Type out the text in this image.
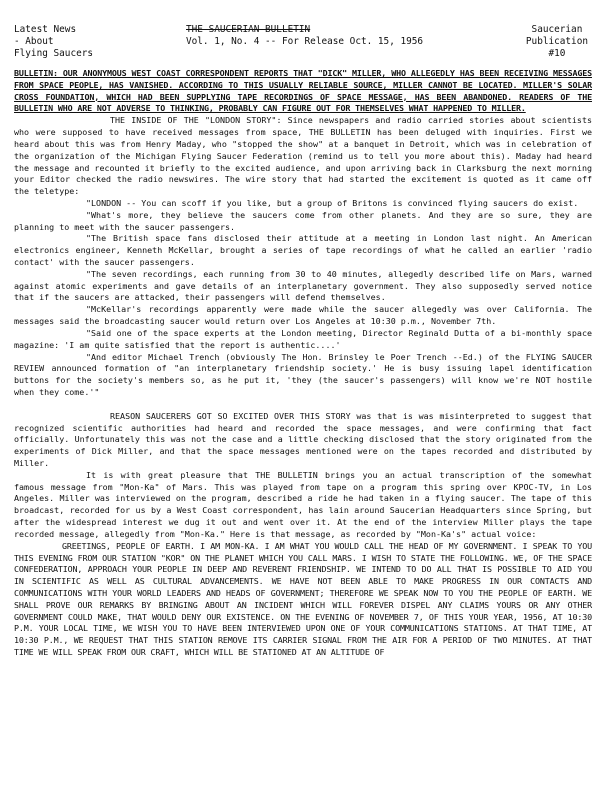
Latest News
- About
Flying Saucers
THE SAUCERIAN BULLETIN
Vol. 1, No. 4 -- For Release Oct. 15, 1956
Saucerian
Publication
#10

BULLETIN: OUR ANONYMOUS WEST COAST CORRESPONDENT REPORTS THAT "DICK" MILLER, WHO ALLEGEDLY HAS BEEN RECEIVING MESSAGES FROM SPACE PEOPLE, HAS VANISHED. ACCORDING TO THIS USUALLY RELIABLE SOURCE, MILLER CANNOT BE LOCATED. MILLER'S SOLAR CROSS FOUNDATION, WHICH HAD BEEN SUPPLYING TAPE RECORDINGS OF SPACE MESSAGE, HAS BEEN ABANDONED. READERS OF THE BULLETIN WHO ARE NOT ADVERSE TO THINKING, PROBABLY CAN FIGURE OUT FOR THEMSELVES WHAT HAPPENED TO MILLER.

THE INSIDE OF THE "LONDON STORY": Since newspapers and radio carried stories about scientists who were supposed to have received messages from space, THE BULLETIN has been deluged with inquiries. First we heard about this was from Henry Maday, who "stopped the show" at a banquet in Detroit, which was in celebration of the organization of the Michigan Flying Saucer Federation (remind us to tell you more about this). Maday had heard the message and recounted it briefly to the excited audience, and upon arriving back in Clarksburg the next morning your Editor checked the radio newswires. The wire story that had started the excitement is quoted as it came off the teletype:

"LONDON -- You can scoff if you like, but a group of Britons is convinced flying saucers do exist.

"What's more, they believe the saucers come from other planets. And they are so sure, they are planning to meet with the saucer passengers.

"The British space fans disclosed their attitude at a meeting in London last night. An American electronics engineer, Kenneth McKellar, brought a series of tape recordings of what he called an earlier 'radio contact' with the saucer passengers.

"The seven recordings, each running from 30 to 40 minutes, allegedly described life on Mars, warned against atomic experiments and gave details of an interplanetary government. They also supposedly served notice that if the saucers are attacked, their passengers will defend themselves.

"McKellar's recordings apparently were made while the saucer allegedly was over California. The messages said the broadcasting saucer would return over Los Angeles at 10:30 p.m., November 7th.

"Said one of the space experts at the London meeting, Director Reginald Dutta of a bi-monthly space magazine: 'I am quite satisfied that the report is authentic....'

"And editor Michael Trench (obviously The Hon. Brinsley le Poer Trench --Ed.) of the FLYING SAUCER REVIEW announced formation of "an interplanetary friendship society.' He is busy issuing lapel identification buttons for the society's members so, as he put it, 'they (the saucer's passengers) will know we're NOT hostile when they come.'"

REASON SAUCERERS GOT SO EXCITED OVER THIS STORY was that is was misinterpreted to suggest that recognized scientific authorities had heard and recorded the space messages, and were confirming that fact officially. Unfortunately this was not the case and a little checking disclosed that the story originated from the experiments of Dick Miller, and that the space messages mentioned were on the tapes recorded and distributed by Miller.

It is with great pleasure that THE BULLETIN brings you an actual transcription of the somewhat famous message from "Mon-Ka" of Mars. This was played from tape on a program this spring over KPOC-TV, in Los Angeles. Miller was interviewed on the program, described a ride he had taken in a flying saucer. The tape of this broadcast, recorded for us by a West Coast correspondent, has lain around Saucerian Headquarters since Spring, but after the widespread interest we dug it out and went over it. At the end of the interview Miller plays the tape recorded message, allegedly from "Mon-Ka." Here is that message, as recorded by "Mon-Ka's" actual voice:

GREETINGS, PEOPLE OF EARTH. I AM MON-KA. I AM WHAT YOU WOULD CALL THE HEAD OF MY GOVERNMENT. I SPEAK TO YOU THIS EVENING FROM OUR STATION "KOR" ON THE PLANET WHICH YOU CALL MARS. I WISH TO STATE THE FOLLOWING. WE, OF THE SPACE CONFEDERATION, APPROACH YOUR PEOPLE IN DEEP AND REVERENT FRIENDSHIP. WE INTEND TO DO ALL THAT IS POSSIBLE TO AID YOU IN SCIENTIFIC AS WELL AS CULTURAL ADVANCEMENTS. WE HAVE NOT BEEN ABLE TO MAKE PROGRESS IN OUR CONTACTS AND COMMUNICATIONS WITH YOUR WORLD LEADERS AND HEADS OF GOVERNMENT; THEREFORE WE SPEAK NOW TO YOU THE PEOPLE OF EARTH. WE SHALL PROVE OUR REMARKS BY BRINGING ABOUT AN INCIDENT WHICH WILL FOREVER DISPEL ANY CLAIMS YOURS OR ANY OTHER GOVERNMENT COULD MAKE, THAT WOULD DENY OUR EXISTENCE. ON THE EVENING OF NOVEMBER 7, OF THIS YOUR YEAR, 1956, AT 10:30 P.M. YOUR LOCAL TIME, WE WISH YOU TO HAVE BEEN INTERVIEWED UPON ONE OF YOUR COMMUNICATIONS STATIONS. AT THAT TIME, AT 10:30 P.M., WE REQUEST THAT THIS STATION REMOVE ITS CARRIER SIGNAL FROM THE AIR FOR A PERIOD OF TWO MINUTES. AT THAT TIME WE WILL SPEAK FROM OUR CRAFT, WHICH WILL BE STATIONED AT AN ALTITUDE OF
